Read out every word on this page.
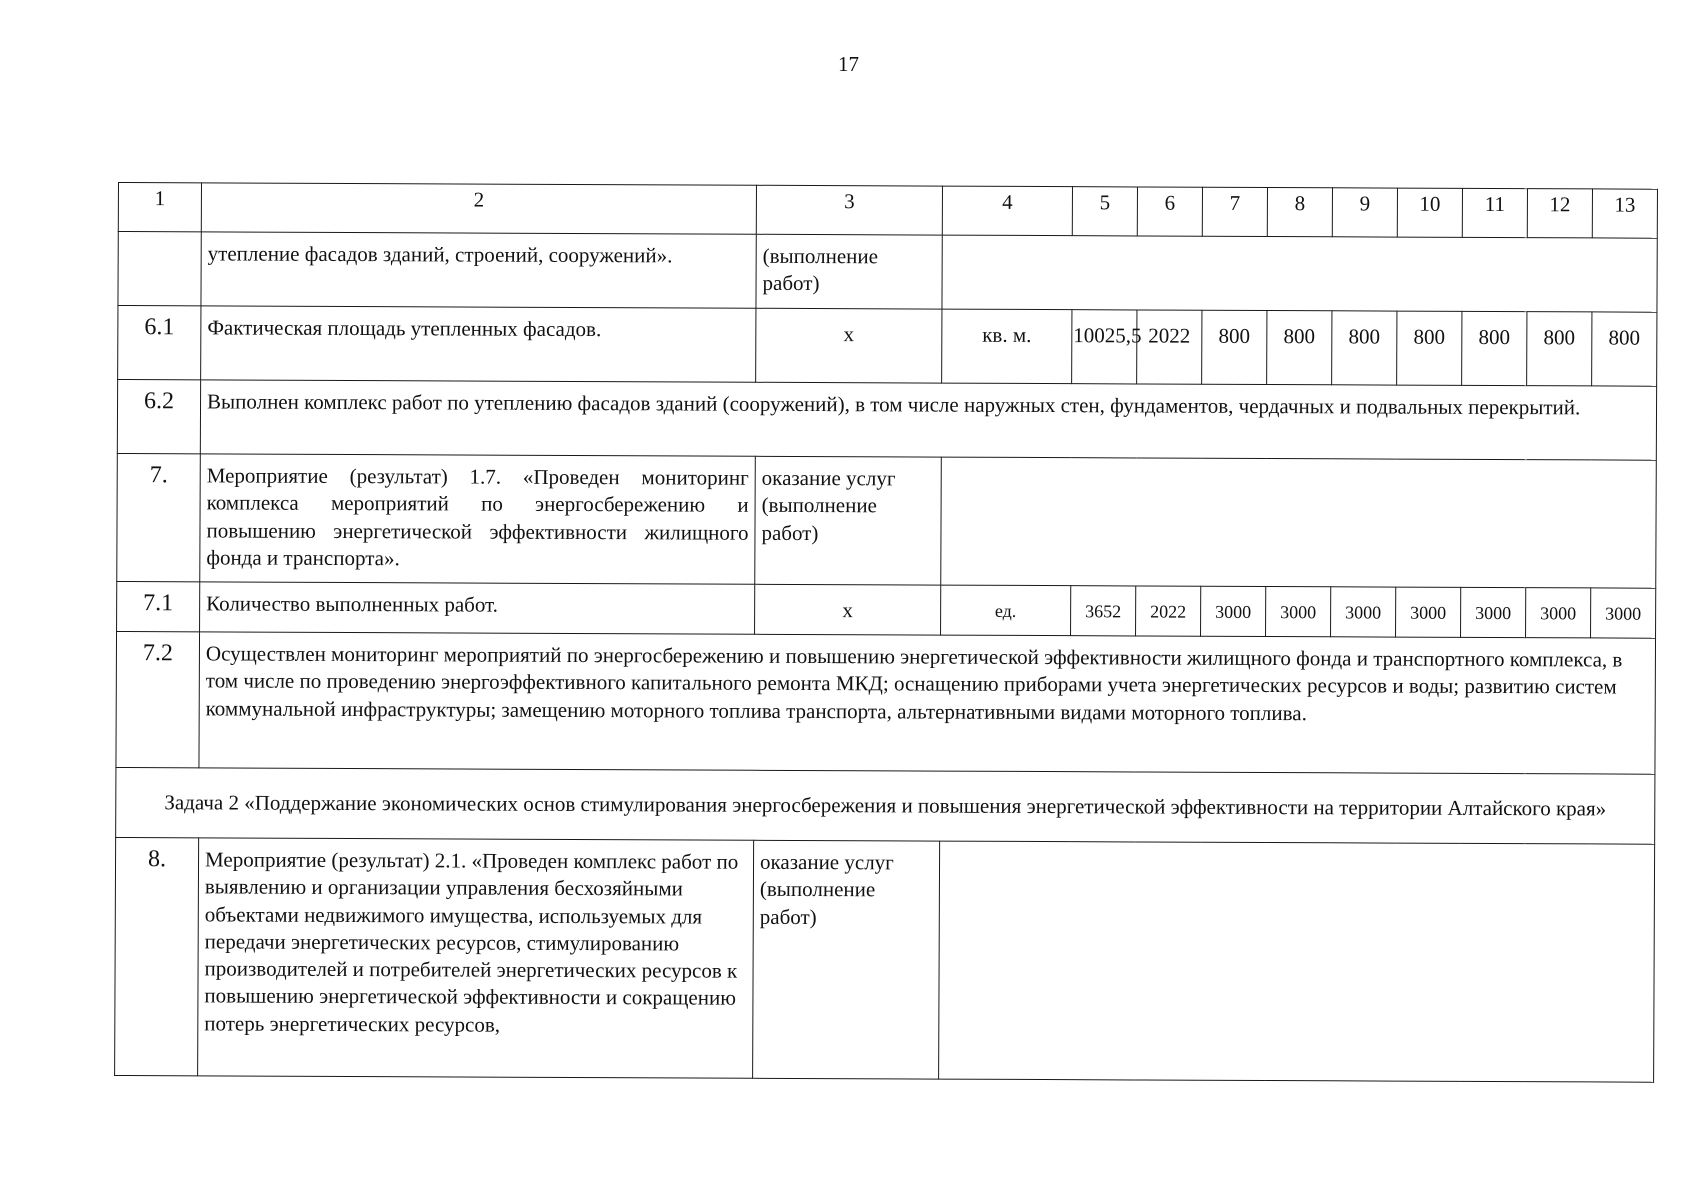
17
1	2	3	4	5	6	7	8	9	10	11	12	13
	утепление фасадов зданий, строений, сооружений».	(выполнение работ)										
6.1	Фактическая площадь утепленных фасадов.	х	кв. м.	10025,5	2022	800	800	800	800	800	800	800
6.2	Выполнен комплекс работ по утеплению фасадов зданий (сооружений), в том числе наружных стен, фундаментов, чердачных и подвальных перекрытий.											
7.	Мероприятие (результат) 1.7. «Проведен мониторинг комплекса мероприятий по энергосбережению и повышению энергетической эффективности жилищного фонда и транспорта».	оказание услуг (выполнение работ)										
7.1	Количество выполненных работ.	х	ед.	3652	2022	3000	3000	3000	3000	3000	3000	3000
7.2	Осуществлен мониторинг мероприятий по энергосбережению и повышению энергетической эффективности жилищного фонда и транспортного комплекса, в том числе по проведению энергоэффективного капитального ремонта МКД; оснащению приборами учета энергетических ресурсов и воды; развитию систем коммунальной инфраструктуры; замещению моторного топлива транспорта, альтернативными видами моторного топлива.											
Задача 2 «Поддержание экономических основ стимулирования энергосбережения и повышения энергетической эффективности на территории Алтайского края»												
8.	Мероприятие (результат) 2.1. «Проведен комплекс работ по выявлению и организации управления бесхозяйными объектами недвижимого имущества, используемых для передачи энергетических ресурсов, стимулированию производителей и потребителей энергетических ресурсов к повышению энергетической эффективности и сокращению потерь энергетических ресурсов,	оказание услуг (выполнение работ)										
